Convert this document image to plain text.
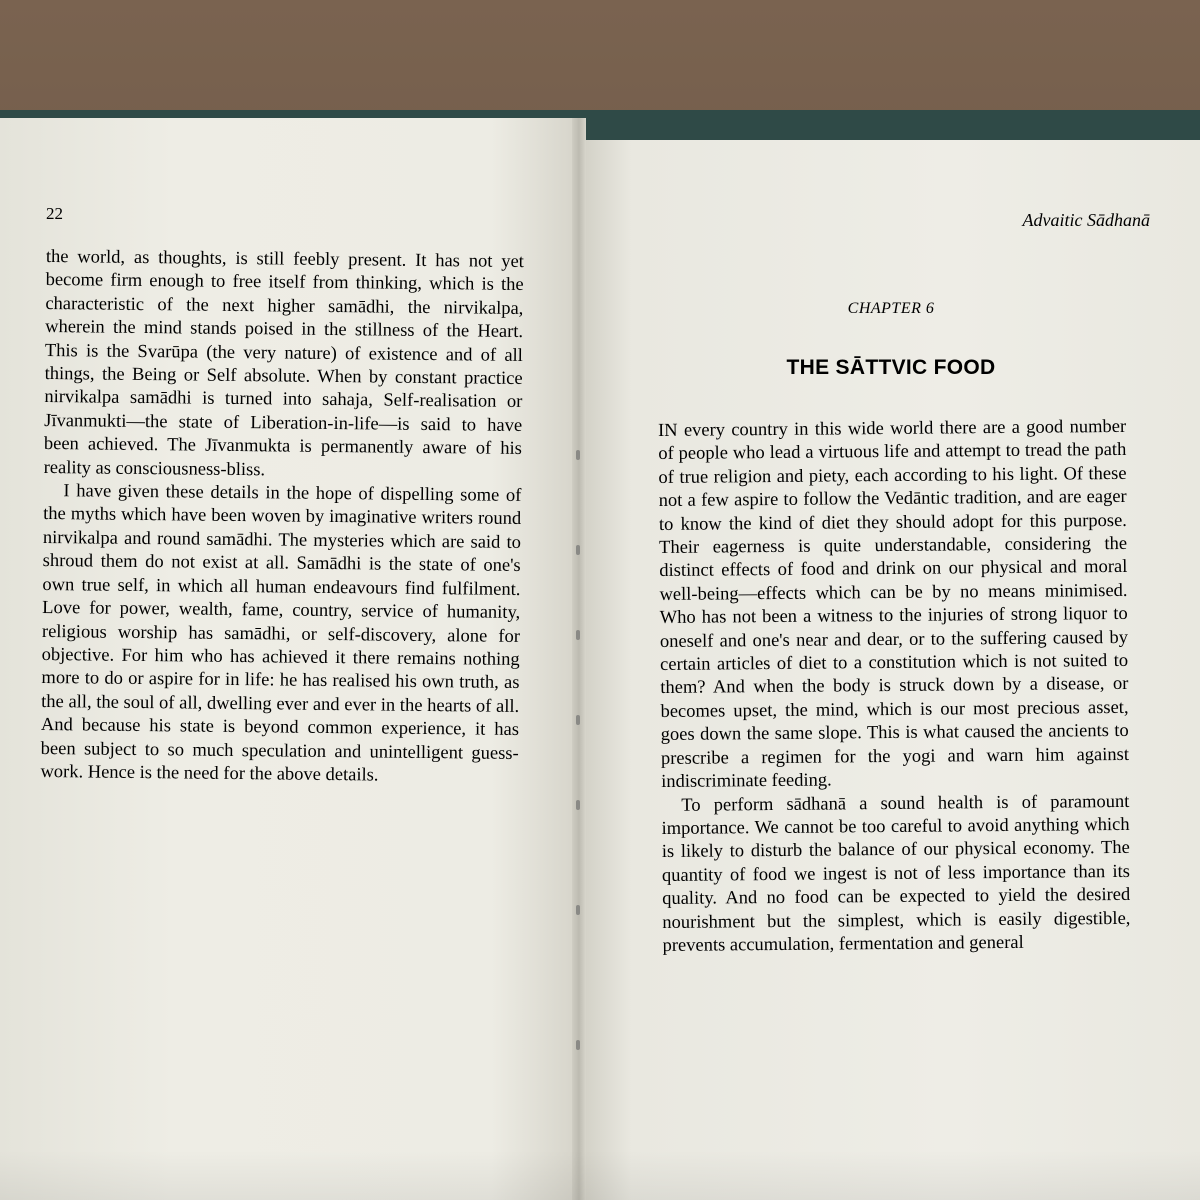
22	Advaitic Sādhanā

the world, as thoughts, is still feebly present. It has not yet become firm enough to free itself from thinking, which is the characteristic of the next higher samādhi, the nirvikalpa, wherein the mind stands poised in the stillness of the Heart. This is the Svarūpa (the very nature) of existence and of all things, the Being or Self absolute. When by constant practice nirvikalpa samādhi is turned into sahaja, Self-realisation or Jīvanmukti—the state of Liberation-in-life—is said to have been achieved. The Jīvanmukta is permanently aware of his reality as consciousness-bliss.

I have given these details in the hope of dispelling some of the myths which have been woven by imaginative writers round nirvikalpa and round samādhi. The mysteries which are said to shroud them do not exist at all. Samādhi is the state of one's own true self, in which all human endeavours find fulfilment. Love for power, wealth, fame, country, service of humanity, religious worship has samādhi, or self-discovery, alone for objective. For him who has achieved it there remains nothing more to do or aspire for in life: he has realised his own truth, as the all, the soul of all, dwelling ever and ever in the hearts of all. And because his state is beyond common experience, it has been subject to so much speculation and unintelligent guess-work. Hence is the need for the above details.

CHAPTER 6
THE SĀTTVIC FOOD

IN every country in this wide world there are a good number of people who lead a virtuous life and attempt to tread the path of true religion and piety, each according to his light. Of these not a few aspire to follow the Vedāntic tradition, and are eager to know the kind of diet they should adopt for this purpose. Their eagerness is quite understandable, considering the distinct effects of food and drink on our physical and moral well-being—effects which can be by no means minimised. Who has not been a witness to the injuries of strong liquor to oneself and one's near and dear, or to the suffering caused by certain articles of diet to a constitution which is not suited to them? And when the body is struck down by a disease, or becomes upset, the mind, which is our most precious asset, goes down the same slope. This is what caused the ancients to prescribe a regimen for the yogi and warn him against indiscriminate feeding.

To perform sādhanā a sound health is of paramount importance. We cannot be too careful to avoid anything which is likely to disturb the balance of our physical economy. The quantity of food we ingest is not of less importance than its quality. And no food can be expected to yield the desired nourishment but the simplest, which is easily digestible, prevents accumulation, fermentation and general
